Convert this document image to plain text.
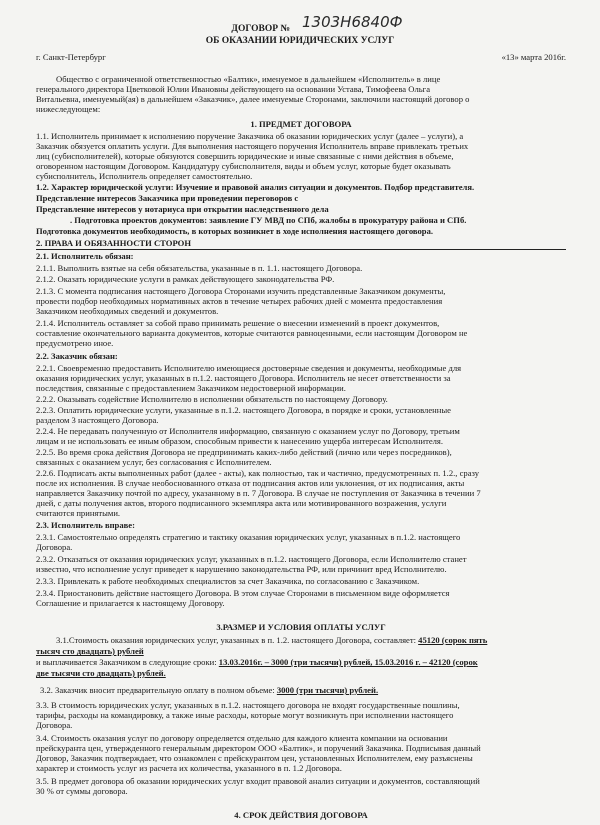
ДОГОВОР № 1303Н6840Ф
ОБ ОКАЗАНИИ ЮРИДИЧЕСКИХ УСЛУГ
г. Санкт-Петербург	«13» марта 2016г.
Общество с ограниченной ответственностью «Балтик», именуемое в дальнейшем «Исполнитель» в лице
генерального директора Цветковой Юлии Ивановны действующего на основании Устава, Тимофеева Ольга
Витальевна, именуемый(ая) в дальнейшем «Заказчик», далее именуемые Сторонами, заключили настоящий договор о
нижеследующем:
1. ПРЕДМЕТ ДОГОВОРА
1.1. Исполнитель принимает к исполнению поручение Заказчика об оказании юридических услуг (далее – услуги), а
Заказчик обязуется оплатить услуги. Для выполнения настоящего поручения Исполнитель вправе привлекать третьих
лиц (субисполнителей), которые обязуются совершить юридические и иные связанные с ними действия в объеме,
оговоренном настоящим Договором. Кандидатуру субисполнителя, виды и объем услуг, которые будет оказывать
субисполнитель, Исполнитель определяет самостоятельно.
1.2. Характер юридической услуги: Изучение и правовой анализ ситуации и документов. Подбор представителя.
Представление интересов Заказчика при проведении переговоров с
Представление интересов у нотариуса при открытии наследственного дела
. Подготовка проектов документов: заявление ГУ МВД по СПб, жалобы в прокуратуру района и СПб.
Подготовка документов необходимость, в которых возникнет в ходе исполнения настоящего договора.
2. ПРАВА И ОБЯЗАННОСТИ СТОРОН
2.1. Исполнитель обязан:
2.1.1. Выполнить взятые на себя обязательства, указанные в п. 1.1. настоящего Договора.
2.1.2. Оказать юридические услуги в рамках действующего законодательства РФ.
2.1.3. С момента подписания настоящего Договора Сторонами изучить представленные Заказчиком документы,
провести подбор необходимых нормативных актов в течение четырех рабочих дней с момента предоставления
Заказчиком необходимых сведений и документов.
2.1.4. Исполнитель оставляет за собой право принимать решение о внесении изменений в проект документов,
составление окончательного варианта документов, которые считаются равноценными, если настоящим Договором не
предусмотрено иное.
2.2. Заказчик обязан:
2.2.1. Своевременно предоставить Исполнителю имеющиеся достоверные сведения и документы, необходимые для
оказания юридических услуг, указанных в п.1.2. настоящего Договора. Исполнитель не несет ответственности за
последствия, связанные с предоставлением Заказчиком недостоверной информации.
2.2.2. Оказывать содействие Исполнителю в исполнении обязательств по настоящему Договору.
2.2.3. Оплатить юридические услуги, указанные в п.1.2. настоящего Договора, в порядке и сроки, установленные
разделом 3 настоящего Договора.
2.2.4. Не передавать полученную от Исполнителя информацию, связанную с оказанием услуг по Договору, третьим
лицам и не использовать ее иным образом, способным привести к нанесению ущерба интересам Исполнителя.
2.2.5. Во время срока действия Договора не предпринимать каких-либо действий (лично или через посредников),
связанных с оказанием услуг, без согласования с Исполнителем.
2.2.6. Подписать акты выполненных работ (далее - акты), как полностью, так и частично, предусмотренных п. 1.2., сразу
после их исполнения. В случае необоснованного отказа от подписания актов или уклонения, от их подписания, акты
направляется Заказчику почтой по адресу, указанному в п. 7 Договора. В случае не поступления от Заказчика в течении 7
дней, с даты получения актов, второго подписанного экземпляра акта или мотивированного возражения, услуги
считаются принятыми.
2.3. Исполнитель вправе:
2.3.1. Самостоятельно определять стратегию и тактику оказания юридических услуг, указанных в п.1.2. настоящего
Договора.
2.3.2. Отказаться от оказания юридических услуг, указанных в п.1.2. настоящего Договора, если Исполнителю станет
известно, что исполнение услуг приведет к нарушению законодательства РФ, или причинит вред Исполнителю.
2.3.3. Привлекать к работе необходимых специалистов за счет Заказчика, по согласованию с Заказчиком.
2.3.4. Приостановить действие настоящего Договора. В этом случае Сторонами в письменном виде оформляется
Соглашение и прилагается к настоящему Договору.
3.РАЗМЕР И УСЛОВИЯ ОПЛАТЫ УСЛУГ
3.1.Стоимость оказания юридических услуг, указанных в п. 1.2. настоящего Договора, составляет: 45120 (сорок пять
тысяч сто двадцать) рублей
и выплачивается Заказчиком в следующие сроки: 13.03.2016г. – 3000 (три тысячи) рублей, 15.03.2016 г. – 42120 (сорок
две тысячи сто двадцать) рублей.
3.2. Заказчик вносит предварительную оплату в полном объеме: 3000 (три тысячи) рублей.
3.3. В стоимость юридических услуг, указанных в п.1.2. настоящего договора не входят государственные пошлины,
тарифы, расходы на командировку, а также иные расходы, которые могут возникнуть при исполнении настоящего
Договора.
3.4. Стоимость оказания услуг по договору определяется отдельно для каждого клиента компании на основании
прейскуранта цен, утвержденного генеральным директором ООО «Балтик», и поручений Заказчика. Подписывая данный
Договор, Заказчик подтверждает, что ознакомлен с прейскурантом цен, установленных Исполнителем, ему разъяснены
характер и стоимость услуг из расчета их количества, указанного в п. 1.2 Договора.
3.5. В предмет договора об оказании юридических услуг входит правовой анализ ситуации и документов, составляющий
30 % от суммы договора.
4. СРОК ДЕЙСТВИЯ ДОГОВОРА
